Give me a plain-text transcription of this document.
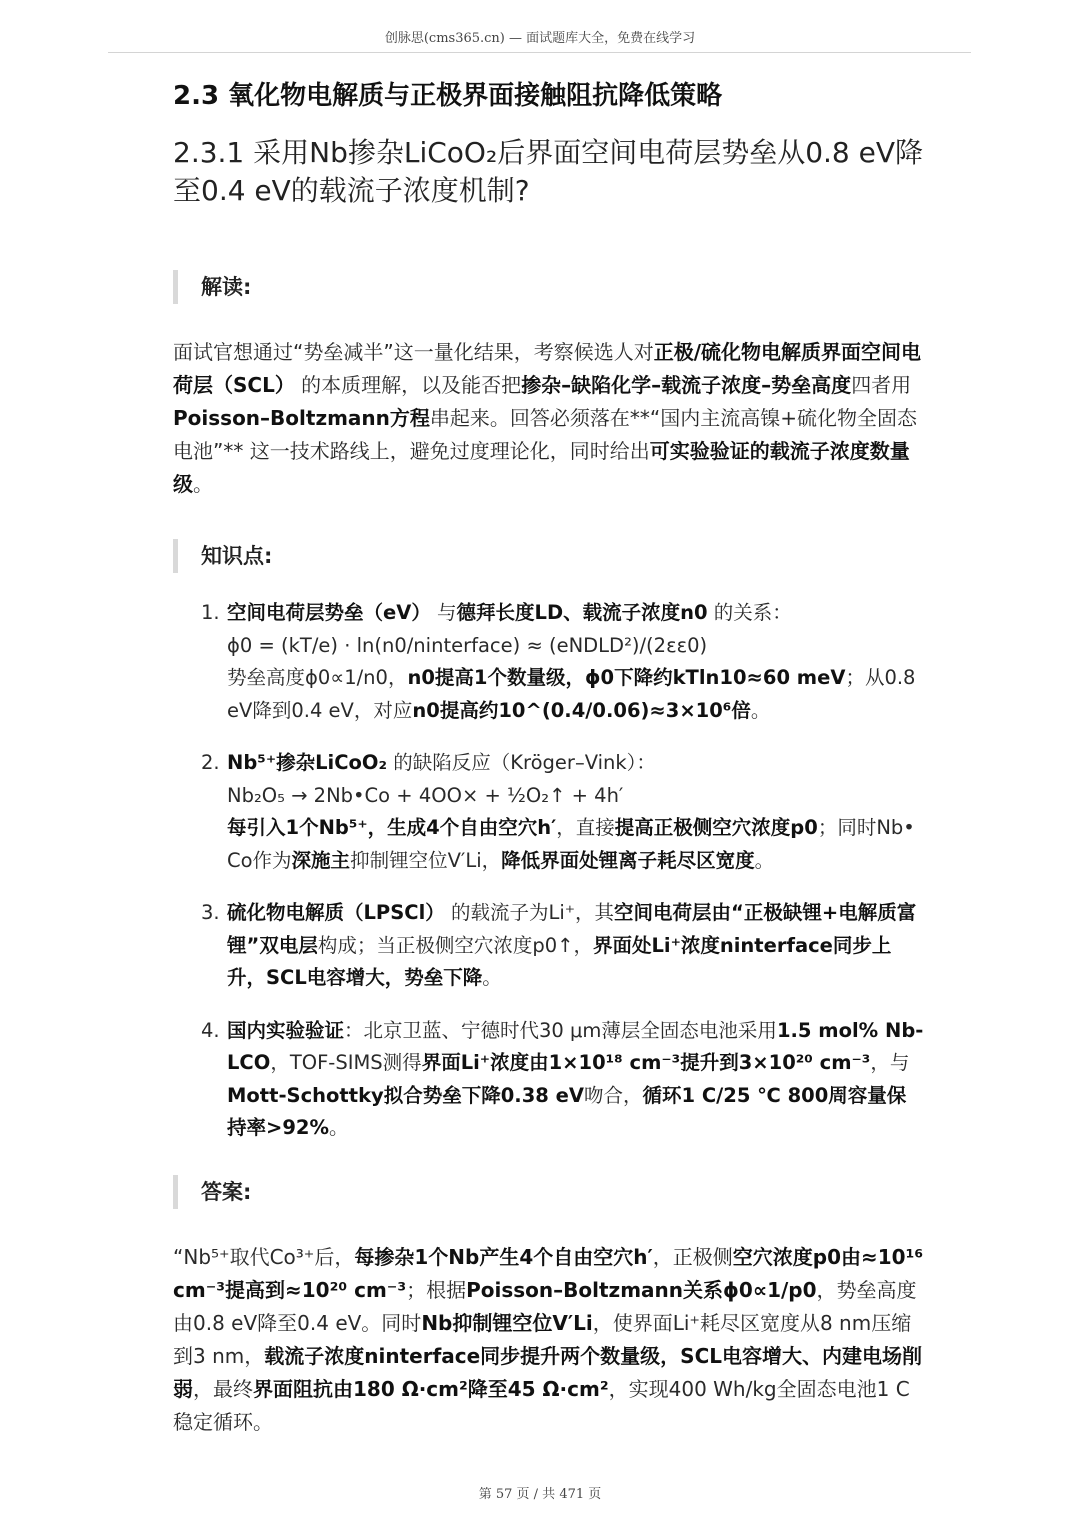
创脉思(cms365.cn) — 面试题库大全，免费在线学习
2.3 氧化物电解质与正极界面接触阻抗降低策略
2.3.1 采用Nb掺杂LiCoO₂后界面空间电荷层势垒从0.8 eV降至0.4 eV的载流子浓度机制?
解读:

面试官想通过“势垒减半”这一量化结果，考察候选人对正极/硫化物电解质界面空间电荷层（SCL） 的本质理解，以及能否把掺杂–缺陷化学–载流子浓度–势垒高度四者用Poisson–Boltzmann方程串起来。回答必须落在**“国内主流高镍+硫化物全固态电池”** 这一技术路线上，避免过度理论化，同时给出可实验验证的载流子浓度数量级。

知识点:
1. 空间电荷层势垒（eV） 与德拜长度LD、载流子浓度n0 的关系：
ϕ0 = (kT/e) · ln(n0/ninterface) ≈ (eNDLD²)/(2εε0)
势垒高度ϕ0∝1/n0，n0提高1个数量级，ϕ0下降约kTln10≈60 meV；从0.8 eV降到0.4 eV，对应n0提高约10^(0.4/0.06)≈3×10⁶倍。
2. Nb⁵⁺掺杂LiCoO₂ 的缺陷反应（Kröger–Vink）：
Nb₂O₅ → 2Nb•Co + 4OO× + ½O₂↑ + 4h′
每引入1个Nb⁵⁺，生成4个自由空穴h′，直接提高正极侧空穴浓度p0；同时Nb•Co作为深施主抑制锂空位V′Li，降低界面处锂离子耗尽区宽度。
3. 硫化物电解质（LPSCl） 的载流子为Li⁺，其空间电荷层由“正极缺锂+电解质富锂”双电层构成；当正极侧空穴浓度p0↑，界面处Li⁺浓度ninterface同步上升，SCL电容增大，势垒下降。
4. 国内实验验证：北京卫蓝、宁德时代30 μm薄层全固态电池采用1.5 mol% Nb-LCO，TOF-SIMS测得界面Li⁺浓度由1×10¹⁸ cm⁻³提升到3×10²⁰ cm⁻³，与Mott-Schottky拟合势垒下降0.38 eV吻合，循环1 C/25 ℃ 800周容量保持率>92%。
答案:

“Nb⁵⁺取代Co³⁺后，每掺杂1个Nb产生4个自由空穴h′，正极侧空穴浓度p0由≈10¹⁶ cm⁻³提高到≈10²⁰ cm⁻³；根据Poisson–Boltzmann关系ϕ0∝1/p0，势垒高度由0.8 eV降至0.4 eV。同时Nb抑制锂空位V′Li，使界面Li⁺耗尽区宽度从8 nm压缩到3 nm，载流子浓度ninterface同步提升两个数量级，SCL电容增大、内建电场削弱，最终界面阻抗由180 Ω·cm²降至45 Ω·cm²，实现400 Wh/kg全固态电池1 C稳定循环。

第 57 页 / 共 471 页
